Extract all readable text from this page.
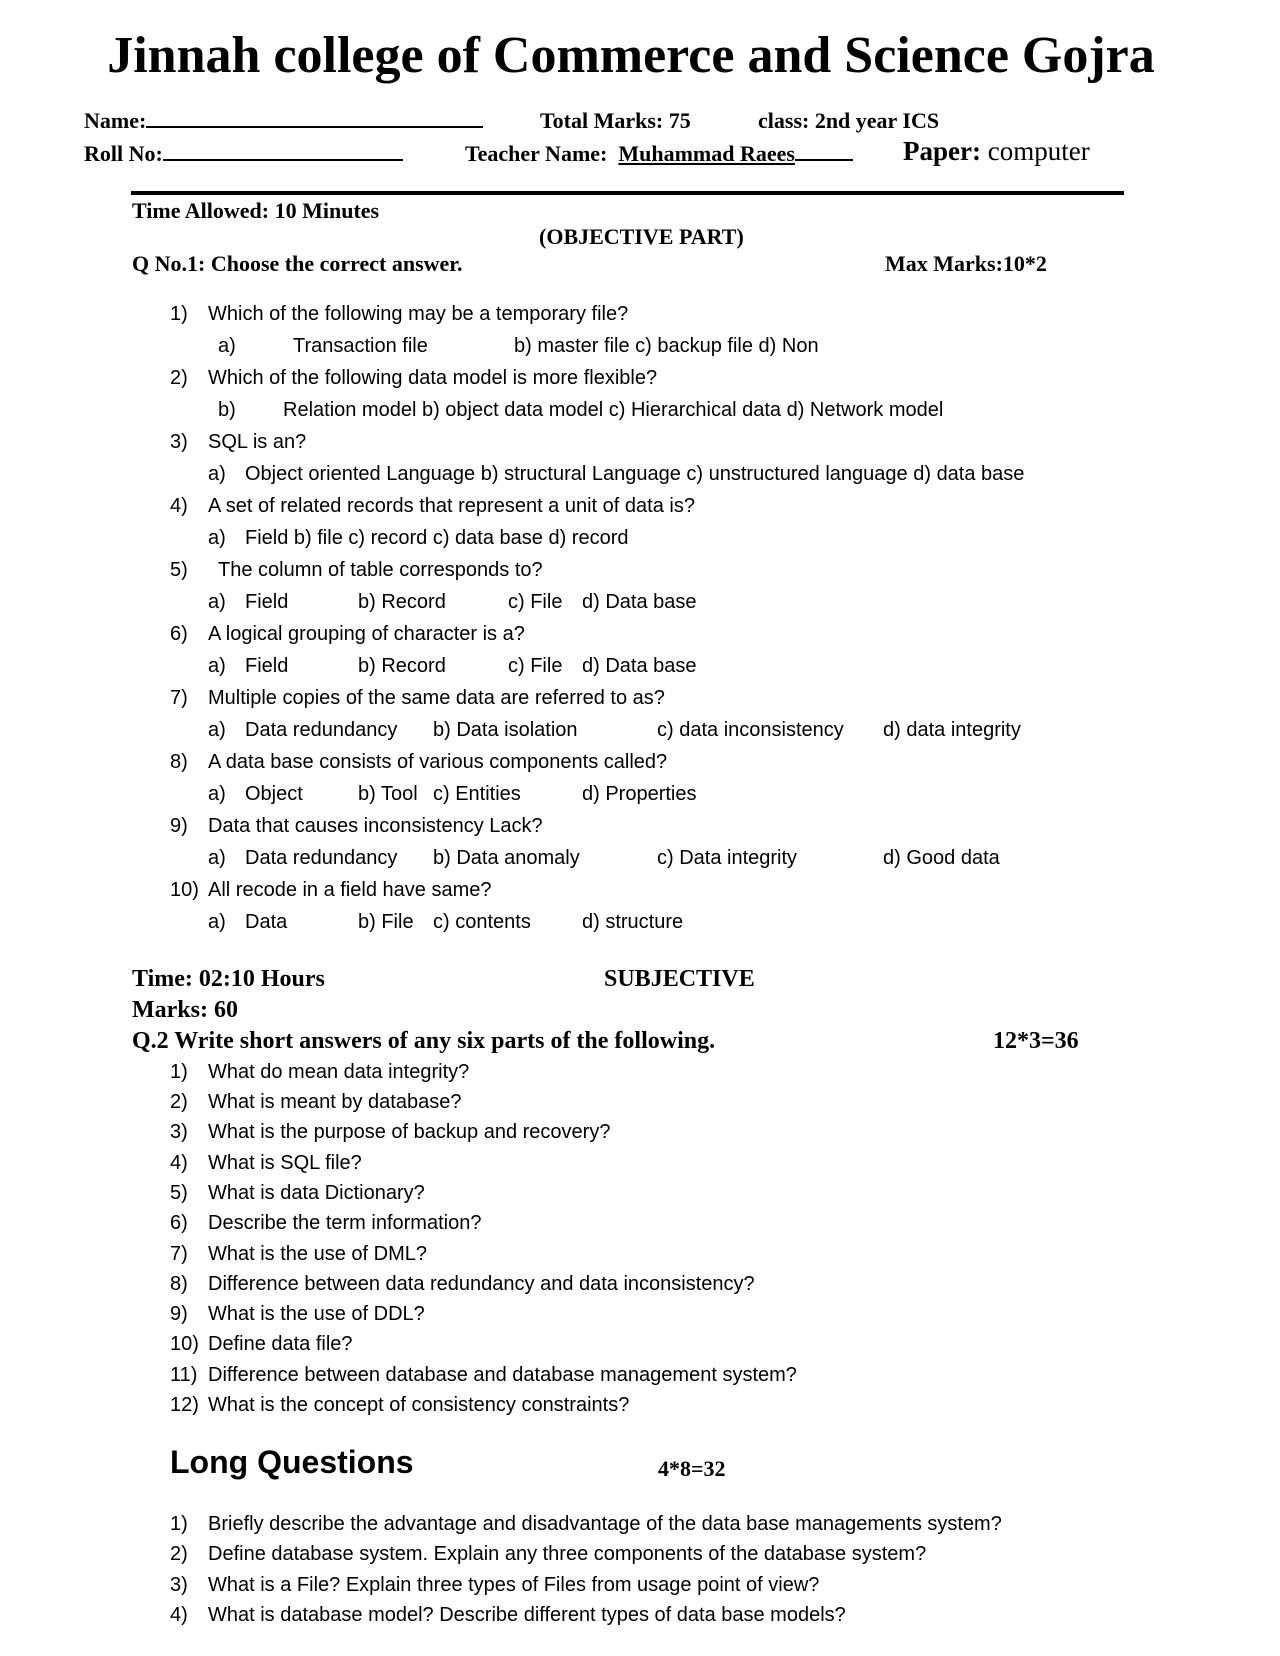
Jinnah college of Commerce and Science Gojra
Name:	Total Marks: 75	class: 2nd year ICS
Roll No:	Teacher Name: Muhammad Raees	Paper: computer
Time Allowed: 10 Minutes
(OBJECTIVE PART)
Q No.1: Choose the correct answer.	Max Marks:10*2
1) Which of the following may be a temporary file?
a)	Transaction file	b) master file c) backup file d) Non
2) Which of the following data model is more flexible?
b) Relation model b) object data model c) Hierarchical data d) Network model
3) SQL is an?
a) Object oriented Language b) structural Language c) unstructured language d) data base
4) A set of related records that represent a unit of data is?
a) Field b) file c) record c) data base d) record
5) The column of table corresponds to?
a) Field	b) Record	c) File d) Data base
6) A logical grouping of character is a?
a) Field	b) Record	c) File d) Data base
7) Multiple copies of the same data are referred to as?
a) Data redundancy b) Data isolation	c) data inconsistency d) data integrity
8) A data base consists of various components called?
a) Object	b) Tool c) Entities	d) Properties
9) Data that causes inconsistency Lack?
a) Data redundancy b) Data anomaly	c) Data integrity	d) Good data
10) All recode in a field have same?
a) Data	b) File c) contents	d) structure
Time: 02:10 Hours	SUBJECTIVE
Marks: 60
Q.2 Write short answers of any six parts of the following.	12*3=36
1) What do mean data integrity?
2) What is meant by database?
3) What is the purpose of backup and recovery?
4) What is SQL file?
5) What is data Dictionary?
6) Describe the term information?
7) What is the use of DML?
8) Difference between data redundancy and data inconsistency?
9) What is the use of DDL?
10) Define data file?
11) Difference between database and database management system?
12) What is the concept of consistency constraints?
Long Questions	4*8=32
1) Briefly describe the advantage and disadvantage of the data base managements system?
2) Define database system. Explain any three components of the database system?
3) What is a File? Explain three types of Files from usage point of view?
4) What is database model? Describe different types of data base models?
